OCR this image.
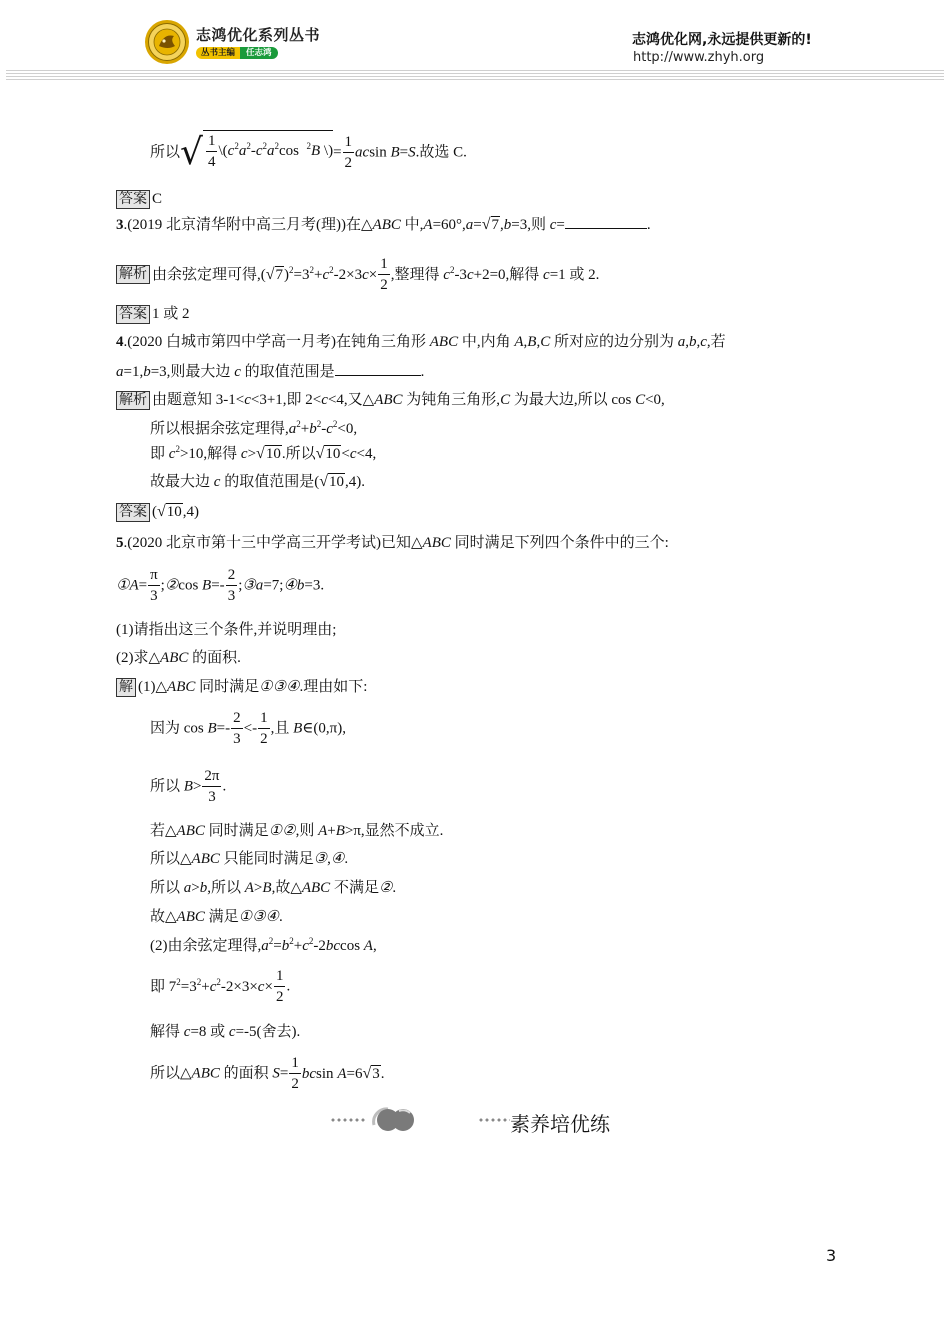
志鸿优化系列丛书
丛书主编	任志鸿
志鸿优化网,永远提供更新的!
http://www.zhyh.org
所以√ $\frac{1}{4}$ $\backslash(c^2a^2-c^2a^2\cos$  $^2$B \)= $\frac{1}{2}$ acsin B=S.故选 C.
答案 C
3.(2019 北京清华附中高三月考(理))在△ABC 中,A=60°,a=√7,b=3,则 c=	.
解析 由余弦定理可得$,(√7)^2=3^2+c^2-2\times 3c\times \frac{1}{2}$ ,整理得 $c^2-3c+2=0$,解得 c=1 或 2.
答案 1 或 2
4.(2020 白城市第四中学高一月考)在钝角三角形 ABC 中,内角 A,B,C 所对应的边分别为 a,b,c,若
a=1,b=3,则最大边 c 的取值范围是	.
解析 由题意知 3-1<c<3+1,即 2<c<4,又△ABC 为钝角三角形,C 为最大边,所以 cos C<0,
所以根据余弦定理得$,a^2+b^2-c^2<0$,
即 $c^2>10$,解得 c>√10.所以√10<c<4,
故最大边 c 的取值范围是(√10,4).
答案 (√10,4)
5.(2020 北京市第十三中学高三开学考试)已知△ABC 同时满足下列四个条件中的三个:
①A= $\frac{\pi}{3}$ ;②cos $B=- \frac{2}{3}$ ;③a=7;④b=3.
(1)请指出这三个条件,并说明理由;
(2)求△ABC 的面积.
解 (1)△ABC 同时满足①③④.理由如下:
因为 $\cos B=- \frac{2}{3} <- \frac{1}{2}$ ,且 B∈(0,π),
所以 $B> \frac{2\pi}{3}$ .
若△ABC 同时满足①②,则 A+B>π,显然不成立.
所以△ABC 只能同时满足③,④.
所以 a>b,所以 A>B,故△ABC 不满足②.
故△ABC 满足①③④.
(2)由余弦定理得$,a^2=b^2+c^2-2bccos$ A,
即 $7^2=3^2+c^2-2\times 3\times c\times \frac{1}{2}$ .
解得 c=8 或 c=-5(舍去).
所以△ABC 的面积 $S= \frac{1}{2}$ bcsin A=6√3.
素养培优练
3
